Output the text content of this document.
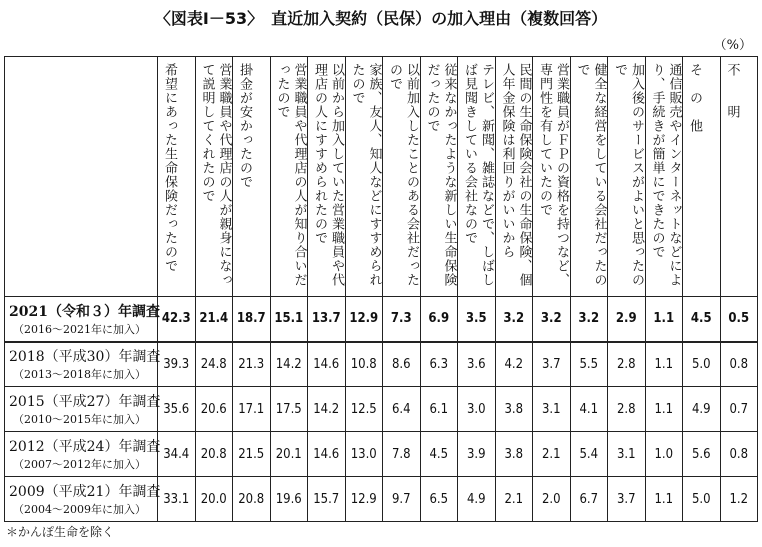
〈図表Ⅰ－53〉　直近加入契約（民保）の加入理由（複数回答）
（%）

	希望にあった生命保険だったので	営業職員や代理店の人が親身になって説明してくれたので	掛金が安かったので	営業職員や代理店の人が知り合いだったので	以前から加入していた営業職員や代理店の人にすすめられたので	家族、友人、知人などにすすめられたので	以前加入したことのある会社だったので	従来なかったような新しい生命保険だったので	テレビ、新聞、雑誌などで、しばしば見聞きしている会社なので	民間の生命保険会社の生命保険、個人年金保険は利回りがいいから	営業職員がＦＰの資格を持つなど、専門性を有していたので	健全な経営をしている会社だったので	加入後のサービスがよいと思ったので	通信販売やインターネットなどにより、手続きが簡単にできたので	そ　の　他	不　　明

2021（令和３）年調査
（2016～2021年に加入）	42.3	21.4	18.7	15.1	13.7	12.9	7.3	6.9	3.5	3.2	3.2	3.2	2.9	1.1	4.5	0.5

2018（平成30）年調査
（2013～2018年に加入）	39.3	24.8	21.3	14.2	14.6	10.8	8.6	6.3	3.6	4.2	3.7	5.5	2.8	1.1	5.0	0.8

2015（平成27）年調査
（2010～2015年に加入）	35.6	20.6	17.1	17.5	14.2	12.5	6.4	6.1	3.0	3.8	3.1	4.1	2.8	1.1	4.9	0.7

2012（平成24）年調査
（2007～2012年に加入）	34.4	20.8	21.5	20.1	14.6	13.0	7.8	4.5	3.9	3.8	2.1	5.4	3.1	1.0	5.6	0.8

2009（平成21）年調査
（2004～2009年に加入）	33.1	20.0	20.8	19.6	15.7	12.9	9.7	6.5	4.9	2.1	2.0	6.7	3.7	1.1	5.0	1.2
＊かんぽ生命を除く
